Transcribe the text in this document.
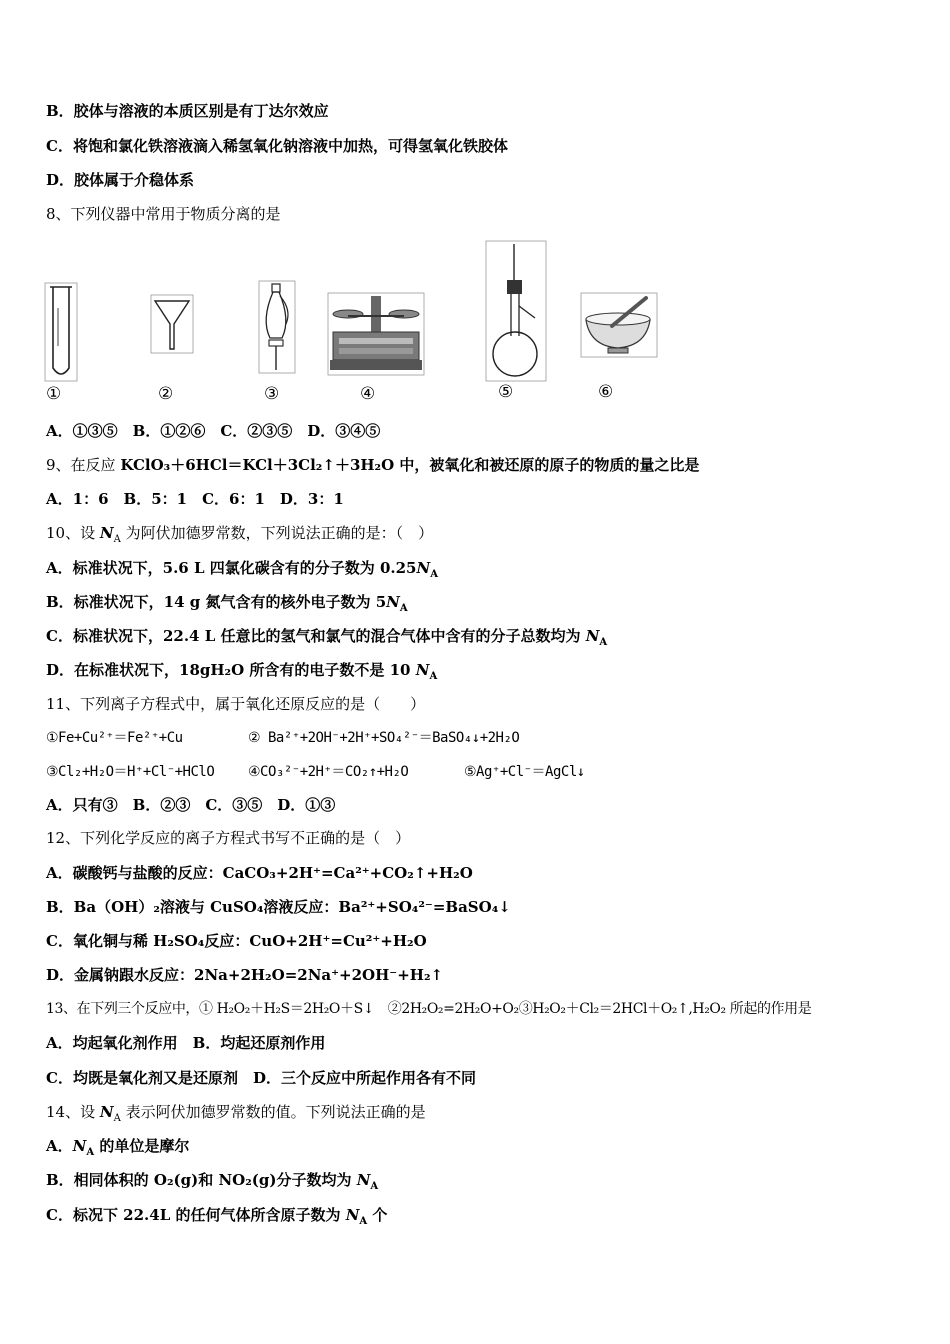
B．胶体与溶液的本质区别是有丁达尔效应
C．将饱和氯化铁溶液滴入稀氢氧化钠溶液中加热，可得氢氧化铁胶体
D．胶体属于介稳体系
8、下列仪器中常用于物质分离的是
①	②	③	④	⑤	⑥
A．①③⑤　B．①②⑥　C．②③⑤　D．③④⑤
9、在反应 KClO₃＋6HCl＝KCl＋3Cl₂↑＋3H₂O 中，被氧化和被还原的原子的物质的量之比是
A．1：6　B．5：1　C．6：1　D．3：1
10、设 $N_A$ 为阿伏加德罗常数，下列说法正确的是：（　）
A．标准状况下，5.6 L 四氯化碳含有的分子数为 $0.25N_A$
B．标准状况下，14 g 氮气含有的核外电子数为 $5N_A$
C．标准状况下，22.4 L 任意比的氢气和氯气的混合气体中含有的分子总数均为 $N_A$
D．在标准状况下，18gH₂O 所含有的电子数不是 10 $N_A$
11、下列离子方程式中，属于氧化还原反应的是（　　）
①Fe+Cu²⁺＝Fe²⁺+Cu	② Ba²⁺+2OH⁻+2H⁺+SO₄²⁻＝BaSO₄↓+2H₂O
③Cl₂+H₂O＝H⁺+Cl⁻+HClO ④CO₃²⁻+2H⁺＝CO₂↑+H₂O	⑤Ag⁺+Cl⁻＝AgCl↓
A．只有③　B．②③　C．③⑤　D．①③
12、下列化学反应的离子方程式书写不正确的是（　）
A．碳酸钙与盐酸的反应：CaCO₃+2H⁺=Ca²⁺+CO₂↑+H₂O
B．Ba（OH）₂溶液与 CuSO₄溶液反应：Ba²⁺+SO₄²⁻=BaSO₄↓
C．氧化铜与稀 H₂SO₄反应：CuO+2H⁺=Cu²⁺+H₂O
D．金属钠跟水反应：2Na+2H₂O=2Na⁺+2OH⁻+H₂↑
13、在下列三个反应中，① H₂O₂＋H₂S＝2H₂O＋S↓　②2H₂O₂=2H₂O+O₂③H₂O₂＋Cl₂＝2HCl＋O₂↑,H₂O₂ 所起的作用是
A．均起氧化剂作用　B．均起还原剂作用
C．均既是氧化剂又是还原剂　D．三个反应中所起作用各有不同
14、设 $N_A$ 表示阿伏加德罗常数的值。下列说法正确的是
A．$N_A$ 的单位是摩尔
B．相同体积的 O₂(g)和 NO₂(g)分子数均为 $N_A$
C．标况下 22.4L 的任何气体所含原子数为 $N_A$ 个
